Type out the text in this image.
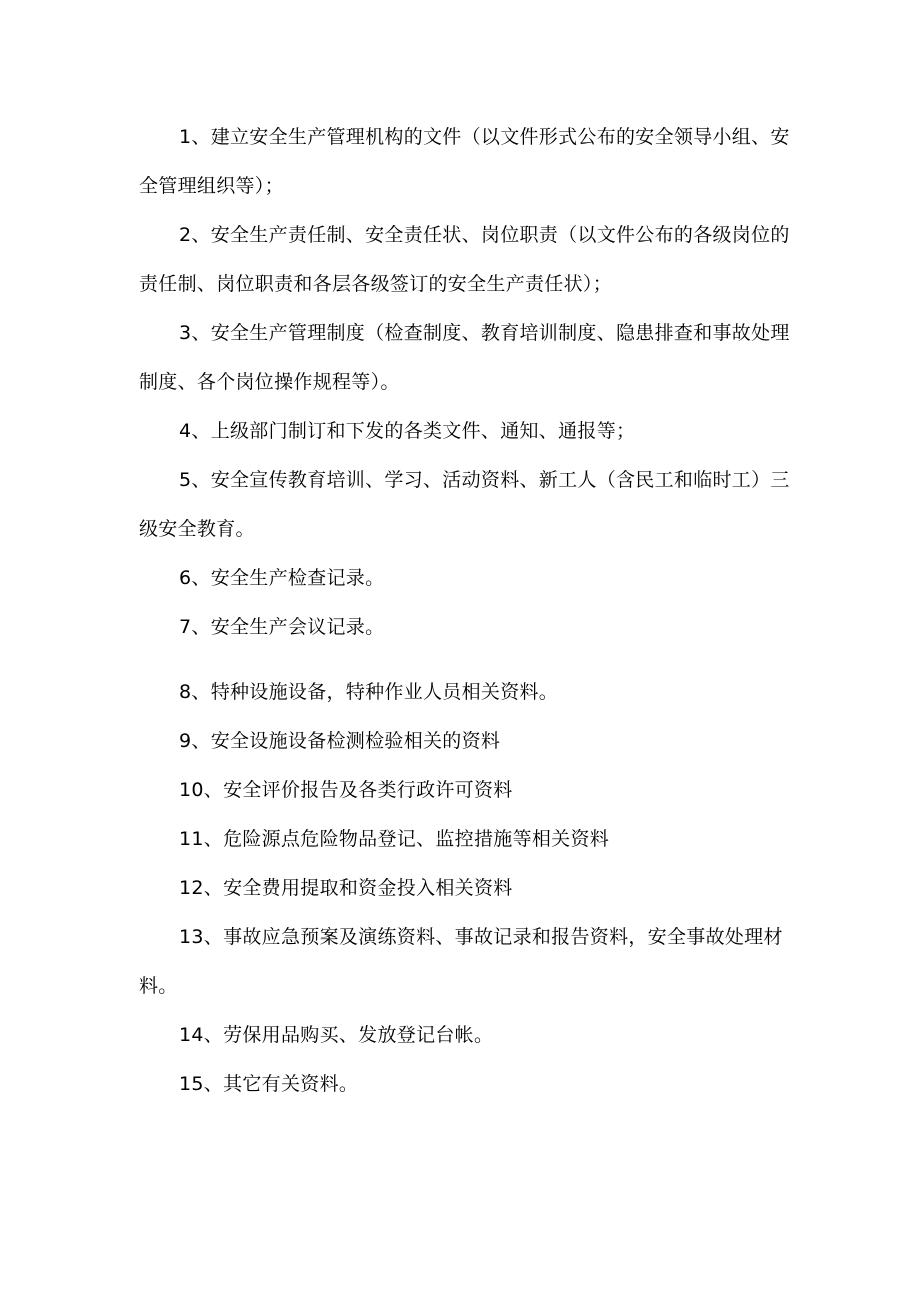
1、建立安全生产管理机构的文件（以文件形式公布的安全领导小组、安全管理组织等）；

2、安全生产责任制、安全责任状、岗位职责（以文件公布的各级岗位的责任制、岗位职责和各层各级签订的安全生产责任状）；

3、安全生产管理制度（检查制度、教育培训制度、隐患排查和事故处理制度、各个岗位操作规程等）。

4、上级部门制订和下发的各类文件、通知、通报等；

5、安全宣传教育培训、学习、活动资料、新工人（含民工和临时工）三级安全教育。

6、安全生产检查记录。

7、安全生产会议记录。

8、特种设施设备，特种作业人员相关资料。

9、安全设施设备检测检验相关的资料

10、安全评价报告及各类行政许可资料

11、危险源点危险物品登记、监控措施等相关资料

12、安全费用提取和资金投入相关资料

13、事故应急预案及演练资料、事故记录和报告资料，安全事故处理材料。

14、劳保用品购买、发放登记台帐。

15、其它有关资料。
